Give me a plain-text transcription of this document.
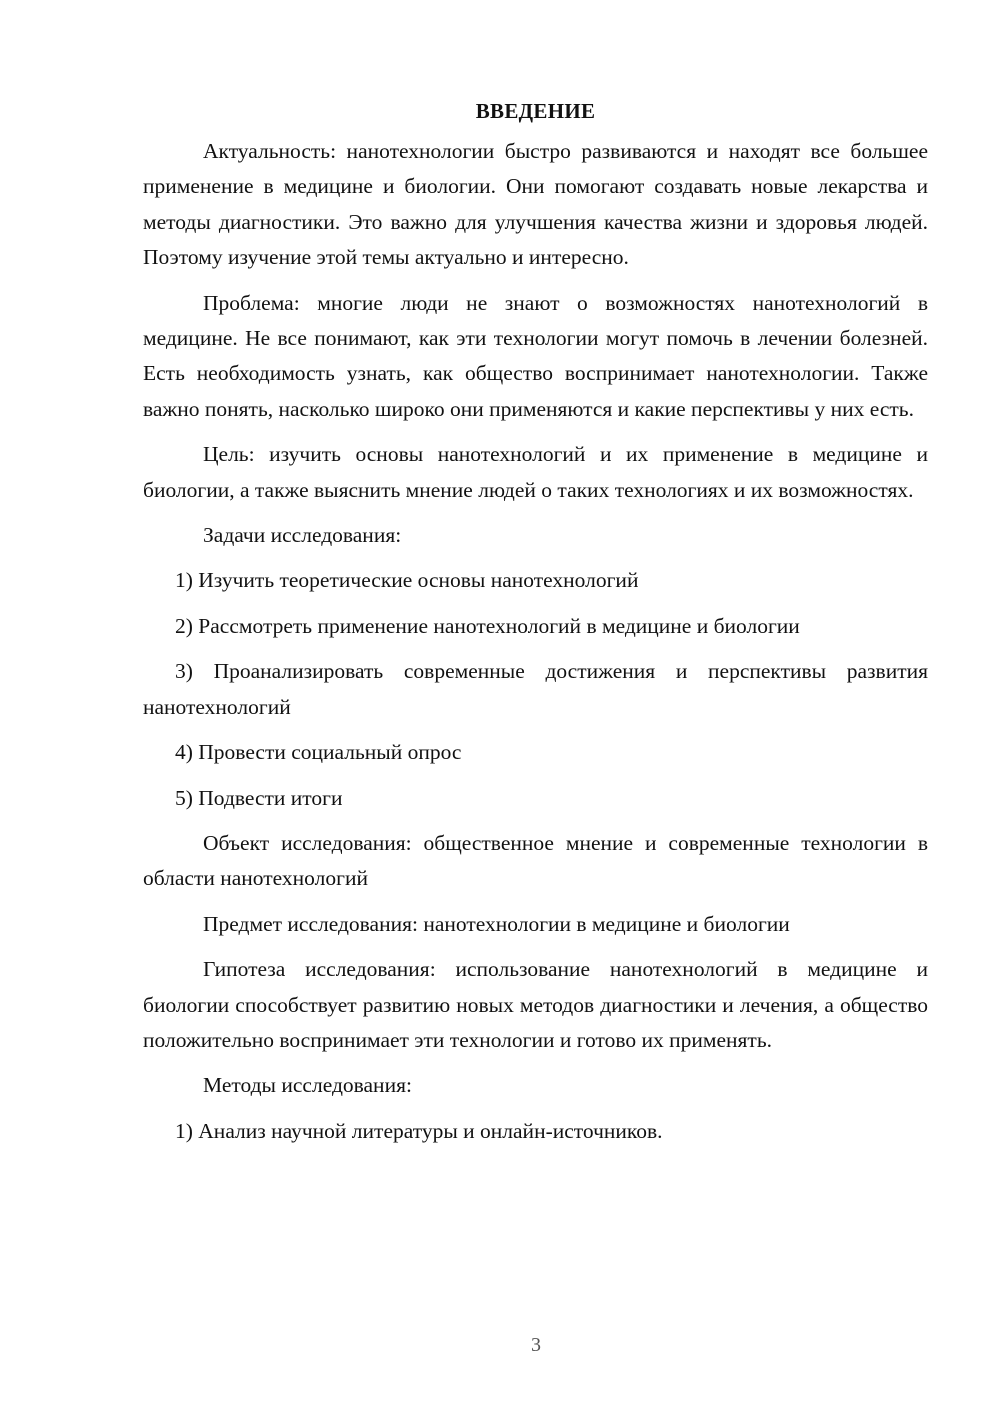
ВВЕДЕНИЕ

Актуальность: нанотехнологии быстро развиваются и находят все большее применение в медицине и биологии. Они помогают создавать новые лекарства и методы диагностики. Это важно для улучшения качества жизни и здоровья людей. Поэтому изучение этой темы актуально и интересно.

Проблема: многие люди не знают о возможностях нанотехнологий в медицине. Не все понимают, как эти технологии могут помочь в лечении болезней. Есть необходимость узнать, как общество воспринимает нанотехнологии. Также важно понять, насколько широко они применяются и какие перспективы у них есть.

Цель: изучить основы нанотехнологий и их применение в медицине и биологии, а также выяснить мнение людей о таких технологиях и их возможностях.

Задачи исследования:

1) Изучить теоретические основы нанотехнологий

2) Рассмотреть применение нанотехнологий в медицине и биологии

3) Проанализировать современные достижения и перспективы развития нанотехнологий

4) Провести социальный опрос

5) Подвести итоги

Объект исследования: общественное мнение и современные технологии в области нанотехнологий

Предмет исследования: нанотехнологии в медицине и биологии

Гипотеза исследования: использование нанотехнологий в медицине и биологии способствует развитию новых методов диагностики и лечения, а общество положительно воспринимает эти технологии и готово их применять.

Методы исследования:

1) Анализ научной литературы и онлайн-источников.

3
